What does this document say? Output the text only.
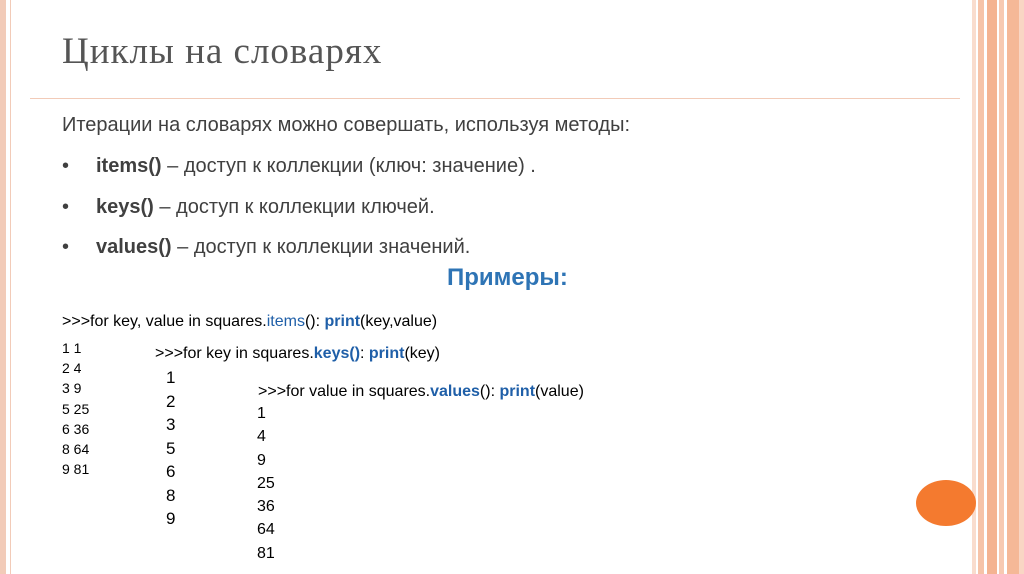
Циклы на словарях
Итерации на словарях можно совершать, используя методы:
• items() – доступ к коллекции (ключ: значение) .
• keys() – доступ к коллекции ключей.
• values() – доступ к коллекции значений.
Примеры:
>>>for key, value in squares.items(): print(key,value)
1 1
2 4
3 9
5 25
6 36
8 64
9 81
>>>for key in squares.keys(): print(key)
1
2
3
5
6
8
9
>>>for value in squares.values(): print(value)
1
4
9
25
36
64
81
